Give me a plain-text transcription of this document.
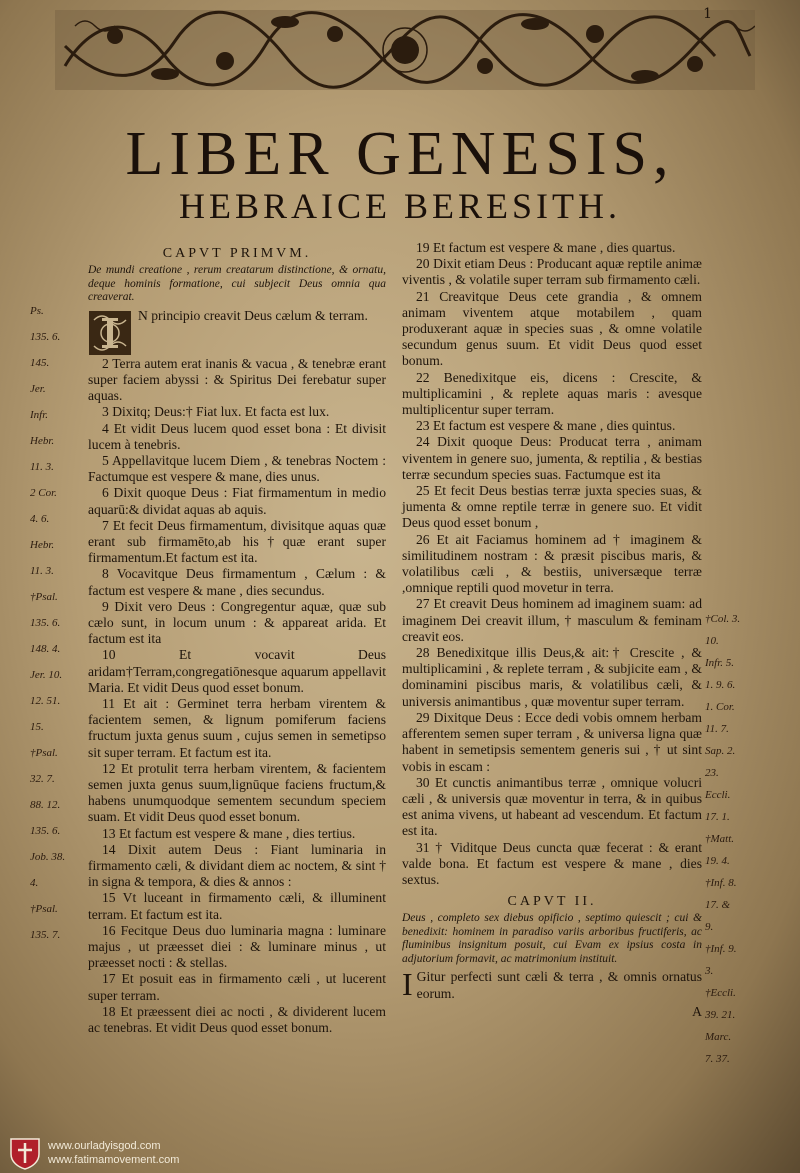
1
LIBER GENESIS,
HEBRAICE BERESITH.
Ps.
135. 6.
145.
Jer.
Infr.
Hebr.
11. 3.
2 Cor.
4. 6.
Hebr.
11. 3.
†Psal.
135. 6.
148. 4.
Jer. 10.
12. 51.
15.
†Psal.
32. 7.
88. 12.
135. 6.
Job. 38.
4.
†Psal.
135. 7.
CAPVT PRIMVM.
De mundi creatione , rerum creatarum distinctione, & ornatu, deque hominis formatione, cui subjecit Deus omnia qua creaverat.

N principio creavit Deus cælum & terram.

2 Terra autem erat inanis & vacua , & tenebræ erant super faciem abyssi : & Spiritus Dei ferebatur super aquas.

3 Dixitq; Deus:† Fiat lux. Et facta est lux.

4 Et vidit Deus lucem quod esset bona : Et divisit lucem à tenebris.

5 Appellavitque lucem Diem , & tenebras Noctem : Factumque est vespere & mane, dies unus.

6 Dixit quoque Deus : Fiat firmamentum in medio aquarū:& dividat aquas ab aquis.

7 Et fecit Deus firmamentum, divisitque aquas quæ erant sub firmamēto,ab his†quæ erant super firmamentum.Et factum est ita.

8 Vocavitque Deus firmamentum , Cælum : & factum est vespere & mane , dies secundus.

9 Dixit vero Deus : Congregentur aquæ, quæ sub cælo sunt, in locum unum : & appareat arida. Et factum est ita

10 Et vocavit Deus aridam†Terram,congregatiōnesque aquarum appellavit Maria. Et vidit Deus quod esset bonum.

11 Et ait : Germinet terra herbam virentem & facientem semen, & lignum pomiferum faciens fructum juxta genus suum , cujus semen in semetipso sit super terram. Et factum est ita.

12 Et protulit terra herbam virentem, & facientem semen juxta genus suum,lignūque faciens fructum,& habens unumquodque sementem secundum speciem suam. Et vidit Deus quod esset bonum.

13 Et factum est vespere & mane , dies tertius.

14 Dixit autem Deus : Fiant luminaria in firmamento cæli, & dividant diem ac noctem, & sint † in signa & tempora, & dies & annos :

15 Vt luceant in firmamento cæli, & illuminent terram. Et factum est ita.

16 Fecitque Deus duo luminaria magna : luminare majus , ut præesset diei : & luminare minus , ut præesset nocti : & stellas.

17 Et posuit eas in firmamento cæli , ut lucerent super terram.

18 Et præessent diei ac nocti , & dividerent lucem ac tenebras. Et vidit Deus quod esset bonum.

19 Et factum est vespere & mane , dies quartus.

20 Dixit etiam Deus : Producant aquæ reptile animæ viventis , & volatile super terram sub firmamento cæli.

21 Creavitque Deus cete grandia , & omnem animam viventem atque motabilem , quam produxerant aquæ in species suas , & omne volatile secundum genus suum. Et vidit Deus quod esset bonum.

22 Benedixitque eis, dicens : Crescite, & multiplicamini , & replete aquas maris : avesque multiplicentur super terram.

23 Et factum est vespere & mane , dies quintus.

24 Dixit quoque Deus: Producat terra , animam viventem in genere suo, jumenta, & reptilia , & bestias terræ secundum species suas. Factumque est ita

25 Et fecit Deus bestias terræ juxta species suas, & jumenta & omne reptile terræ in genere suo. Et vidit Deus quod esset bonum ,

26 Et ait Faciamus hominem ad † imaginem & similitudinem nostram : & præsit piscibus maris, & volatilibus cæli , & bestiis, universæque terræ ,omnique reptili quod movetur in terra.

27 Et creavit Deus hominem ad imaginem suam: ad imaginem Dei creavit illum, † masculum & feminam creavit eos.

28 Benedixitque illis Deus,& ait:† Crescite , & multiplicamini , & replete terram , & subjicite eam , & dominamini piscibus maris, & volatilibus cæli, & universis animantibus , quæ moventur super terram.

29 Dixitque Deus : Ecce dedi vobis omnem herbam afferentem semen super terram , & universa ligna quæ habent in semetipsis sementem generis sui , † ut sint vobis in escam :

30 Et cunctis animantibus terræ , omnique volucri cæli , & universis quæ moventur in terra, & in quibus est anima vivens, ut habeant ad vescendum. Et factum est ita.

31 † Viditque Deus cuncta quæ fecerat : & erant valde bona. Et factum est vespere & mane , dies sextus.

CAPVT II.
Deus , completo sex diebus opificio , septimo quiescit ; cui & benedixit: hominem in paradiso variis arboribus fructiferis, ac fluminibus insignitum posuit, cui Evam ex ipsius costa in adjutorium formavit, ac matrimonium instituit.

I Gitur perfecti sunt cæli & terra , & omnis ornatus eorum.

A
†Col. 3.
10.
Infr. 5.
1. 9. 6.
1. Cor.
11. 7.
Sap. 2.
23.
Eccli.
17. 1.
†Matt.
19. 4.
†Inf. 8.
17. &
9.
†Inf. 9.
3.
†Eccli.
39. 21.
Marc.
7. 37.
www.ourladyisgod.com
www.fatimamovement.com
